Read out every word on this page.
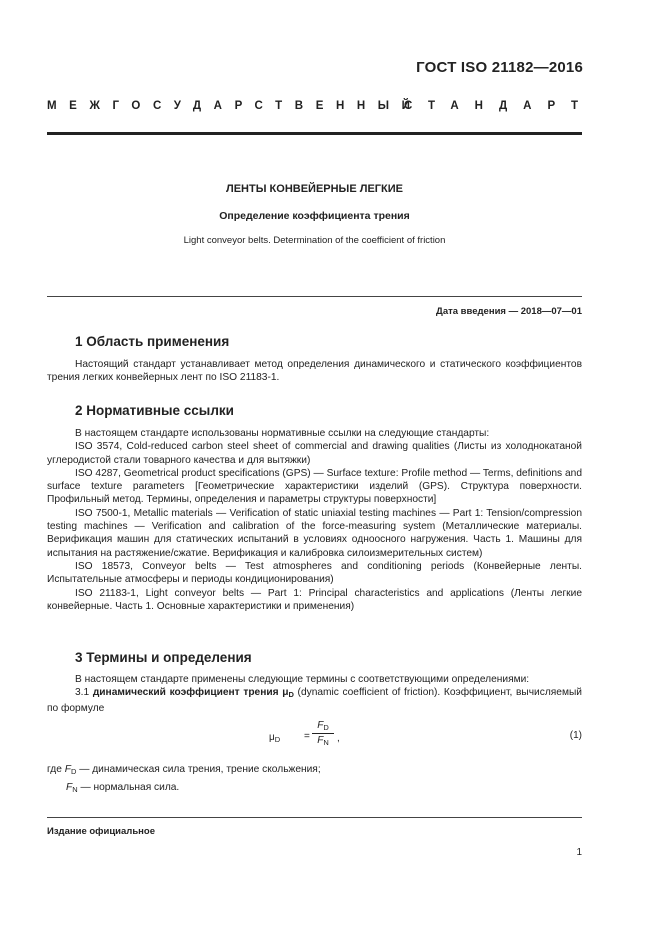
ГОСТ ISO 21182—2016
МЕЖГОСУДАРСТВЕННЫЙ
СТАНДАРТ
ЛЕНТЫ КОНВЕЙЕРНЫЕ ЛЕГКИЕ
Определение коэффициента трения
Light conveyor belts. Determination of the coefficient of friction
Дата введения — 2018—07—01
1 Область применения

Настоящий стандарт устанавливает метод определения динамического и статического коэффициентов трения легких конвейерных лент по ISO 21183-1.

2 Нормативные ссылки

В настоящем стандарте использованы нормативные ссылки на следующие стандарты:

ISO 3574, Cold-reduced carbon steel sheet of commercial and drawing qualities (Листы из холоднокатаной углеродистой стали товарного качества и для вытяжки)

ISO 4287, Geometrical product specifications (GPS) — Surface texture: Profile method — Terms, definitions and surface texture parameters [Геометрические характеристики изделий (GPS). Структура поверхности. Профильный метод. Термины, определения и параметры структуры поверхности]

ISO 7500-1, Metallic materials — Verification of static uniaxial testing machines — Part 1: Tension/compression testing machines — Verification and calibration of the force-measuring system (Металлические материалы. Верификация машин для статических испытаний в условиях одноосного нагружения. Часть 1. Машины для испытания на растяжение/сжатие. Верификация и калибровка силоизмерительных систем)

ISO 18573, Conveyor belts — Test atmospheres and conditioning periods (Конвейерные ленты. Испытательные атмосферы и периоды кондиционирования)

ISO 21183-1, Light conveyor belts — Part 1: Principal characteristics and applications (Ленты легкие конвейерные. Часть 1. Основные характеристики и применения)

3 Термины и определения

В настоящем стандарте применены следующие термины с соответствующими определениями:

3.1 динамический коэффициент трения $\mu_D$ (dynamic coefficient of friction). Коэффициент, вычисляемый по формуле

$\mu_D$ =
$F_D$
$F_N$ ,	(1)
где $F_D$ — динамическая сила трения, трение скольжения;
$F_N$ — нормальная сила.
Издание официальное
1
